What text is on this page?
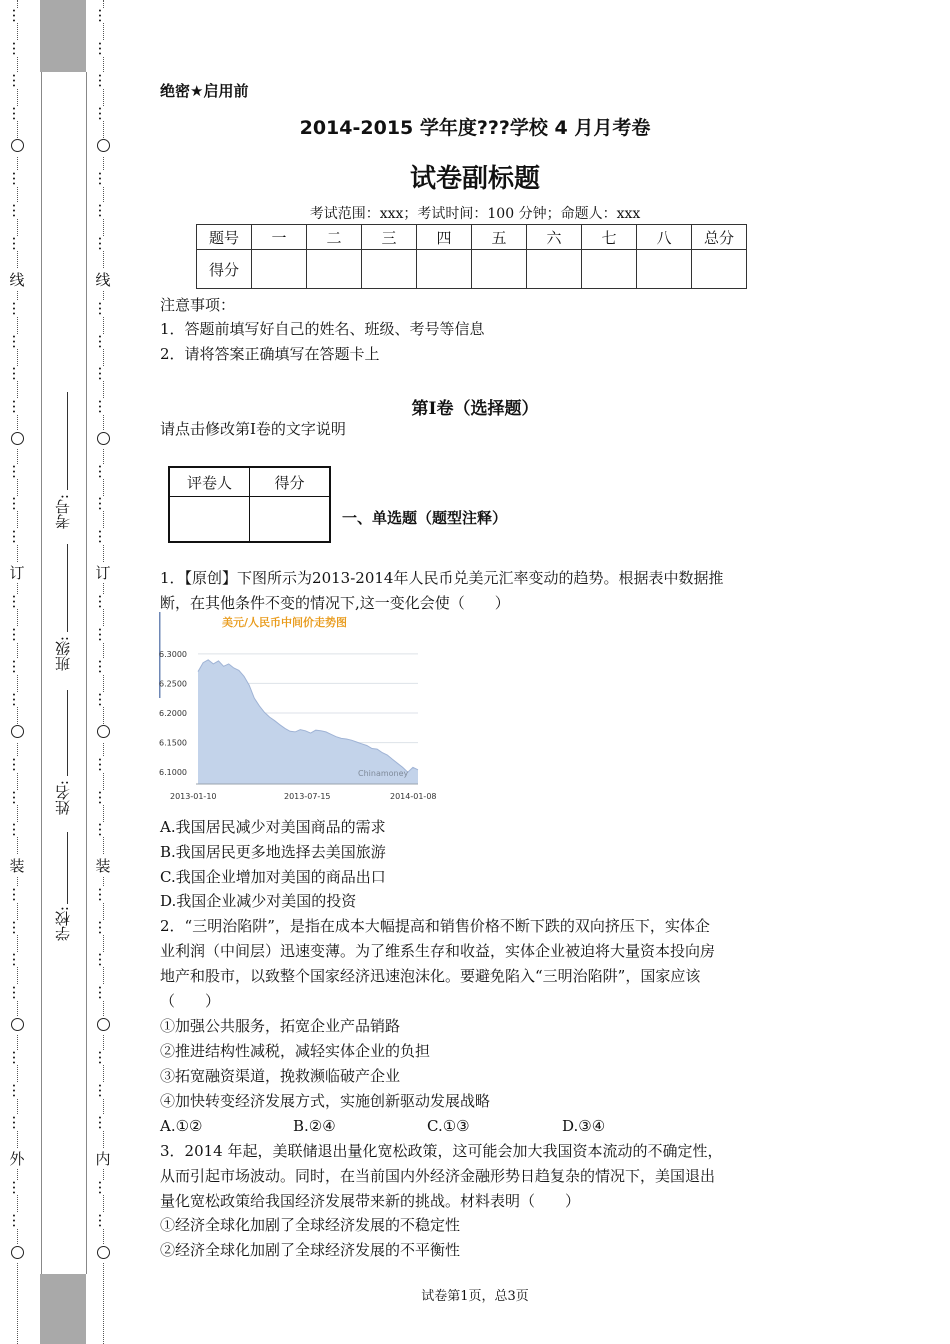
…
…
…
…
…
…
…
线
…
…
…
…
…
…
…
订
…
…
…
…
…
…
…
装
…
…
…
…
…
…
…
外
…
…
…
…
…
…
…
…
…
线
…
…
…
…
…
…
…
订
…
…
…
…
…
…
…
装
…
…
…
…
…
…
…
内
…
…
学校:
姓名:
班级:
考号:
绝密★启用前
2014-2015 学年度???学校 4 月月考卷
试卷副标题
考试范围：xxx；考试时间：100 分钟；命题人：xxx
题号	一	二	三	四	五	六	七	八	总分
得分									
注意事项：
1．答题前填写好自己的姓名、班级、考号等信息
2．请将答案正确填写在答题卡上
第Ⅰ卷（选择题）
请点击修改第Ⅰ卷的文字说明
评卷人	得分

一、单选题（题型注释）
1．【原创】下图所示为2013-2014年人民币兑美元汇率变动的趋势。根据表中数据推
断，在其他条件不变的情况下,这一变化会使（　　）
美元/人民币中间价走势图
6.3000
6.2500
6.2000
6.1500
6.1000	Chinamoney
2013-01-10	2013-07-15	2014-01-08
A.我国居民减少对美国商品的需求
B.我国居民更多地选择去美国旅游
C.我国企业增加对美国的商品出口
D.我国企业减少对美国的投资
2．“三明治陷阱”，是指在成本大幅提高和销售价格不断下跌的双向挤压下，实体企
业利润（中间层）迅速变薄。为了维系生存和收益，实体企业被迫将大量资本投向房
地产和股市，以致整个国家经济迅速泡沫化。要避免陷入“三明治陷阱”，国家应该
（　　）
①加强公共服务，拓宽企业产品销路
②推进结构性减税，减轻实体企业的负担
③拓宽融资渠道，挽救濒临破产企业
④加快转变经济发展方式，实施创新驱动发展战略
A.①②	B.②④	C.①③	D.③④
3．2014 年起，美联储退出量化宽松政策，这可能会加大我国资本流动的不确定性，
从而引起市场波动。同时，在当前国内外经济金融形势日趋复杂的情况下，美国退出
量化宽松政策给我国经济发展带来新的挑战。材料表明（　　）
①经济全球化加剧了全球经济发展的不稳定性
②经济全球化加剧了全球经济发展的不平衡性
试卷第1页，总3页
